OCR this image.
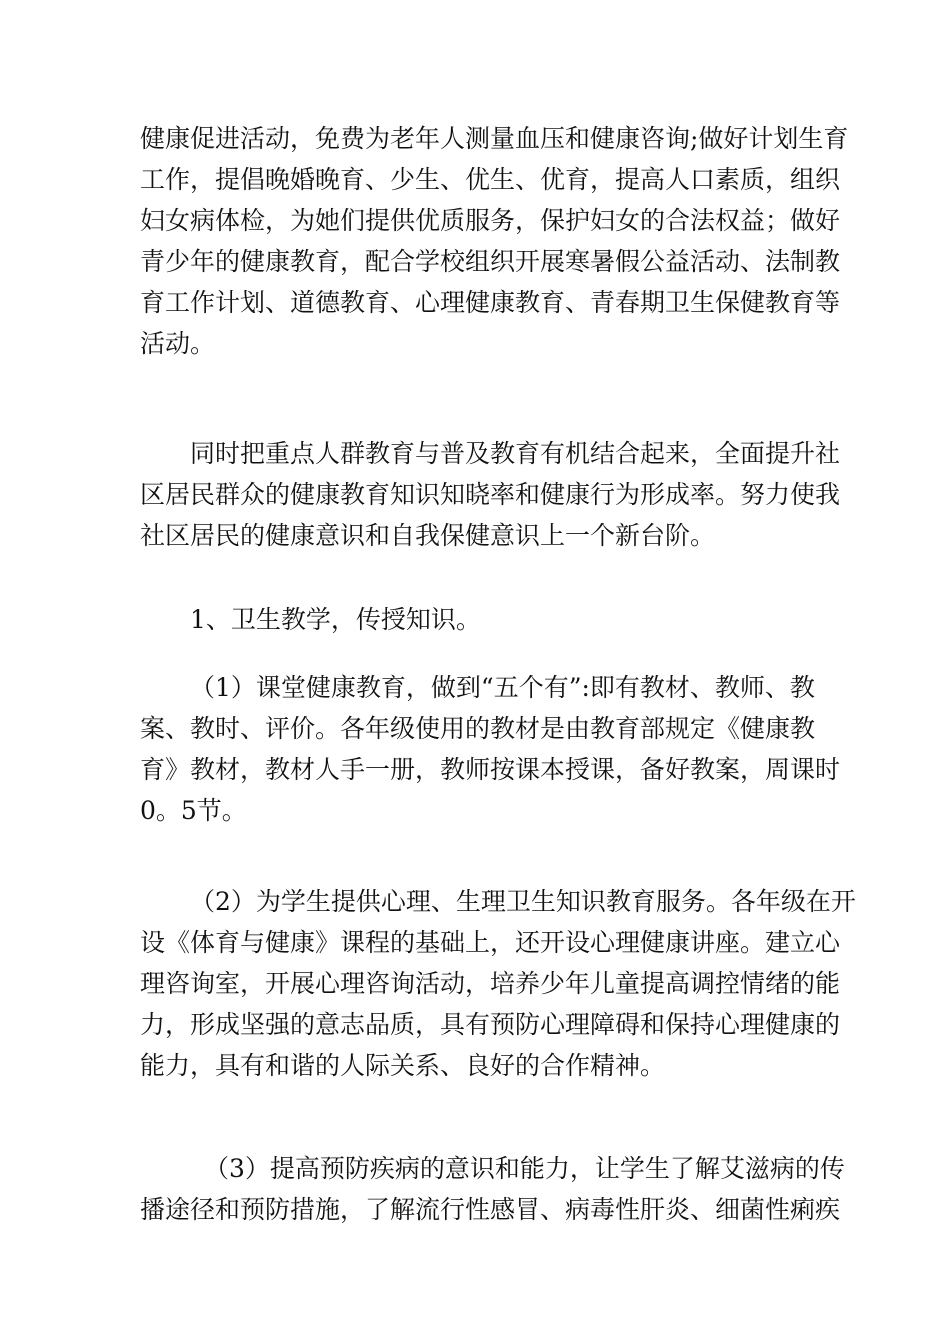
健康促进活动，免费为老年人测量血压和健康咨询;做好计划生育
工作，提倡晚婚晚育、少生、优生、优育，提高人口素质，组织
妇女病体检，为她们提供优质服务，保护妇女的合法权益；做好
青少年的健康教育，配合学校组织开展寒暑假公益活动、法制教
育工作计划、道德教育、心理健康教育、青春期卫生保健教育等
活动。
同时把重点人群教育与普及教育有机结合起来，全面提升社
区居民群众的健康教育知识知晓率和健康行为形成率。努力使我
社区居民的健康意识和自我保健意识上一个新台阶。
1、卫生教学，传授知识。
（1）课堂健康教育，做到“五个有”:即有教材、教师、教
案、教时、评价。各年级使用的教材是由教育部规定《健康教
育》教材，教材人手一册，教师按课本授课，备好教案，周课时
0。5节。
（2）为学生提供心理、生理卫生知识教育服务。各年级在开
设《体育与健康》课程的基础上，还开设心理健康讲座。建立心
理咨询室，开展心理咨询活动，培养少年儿童提高调控情绪的能
力，形成坚强的意志品质，具有预防心理障碍和保持心理健康的
能力，具有和谐的人际关系、良好的合作精神。
（3）提高预防疾病的意识和能力，让学生了解艾滋病的传
播途径和预防措施，了解流行性感冒、病毒性肝炎、细菌性痢疾
